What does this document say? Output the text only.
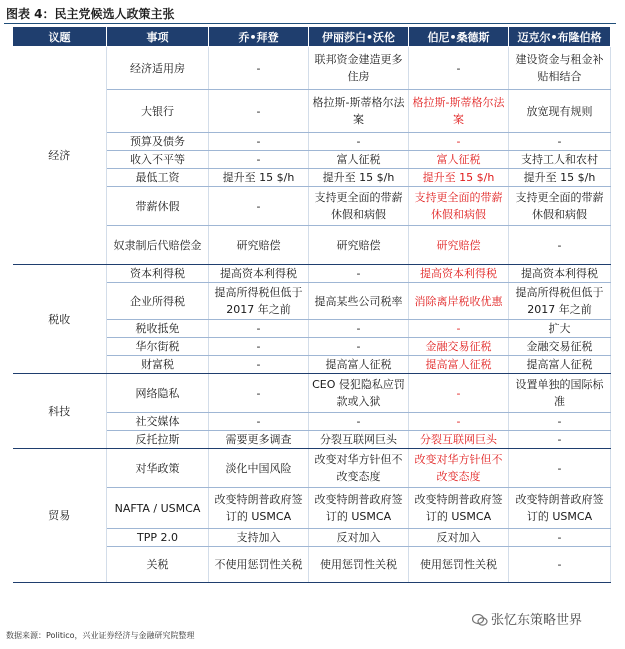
图表 4：民主党候选人政策主张
议题	事项	乔•拜登	伊丽莎白•沃伦	伯尼•桑德斯	迈克尔•布隆伯格
经济	经济适用房	-	联邦资金建造更多住房	-	建设资金与租金补贴相结合
	大银行	-	格拉斯-斯蒂格尔法案	格拉斯-斯蒂格尔法案	放宽现有规则
	预算及债务	-	-	-	-
	收入不平等	-	富人征税	富人征税	支持工人和农村
	最低工资	提升至 15 $/h	提升至 15 $/h	提升至 15 $/h	提升至 15 $/h
	带薪休假	-	支持更全面的带薪休假和病假	支持更全面的带薪休假和病假	支持更全面的带薪休假和病假
	奴隶制后代赔偿金	研究赔偿	研究赔偿	研究赔偿	-
税收	资本利得税	提高资本利得税	-	提高资本利得税	提高资本利得税
	企业所得税	提高所得税但低于 2017 年之前	提高某些公司税率	消除离岸税收优惠	提高所得税但低于 2017 年之前
	税收抵免	-	-	-	扩大
	华尔街税	-	-	金融交易征税	金融交易征税
	财富税	-	提高富人征税	提高富人征税	提高富人征税
科技	网络隐私	-	CEO 侵犯隐私应罚款或入狱	-	设置单独的国际标准
	社交媒体	-	-	-	-
	反托拉斯	需要更多调查	分裂互联网巨头	分裂互联网巨头	-
贸易	对华政策	淡化中国风险	改变对华方针但不改变态度	改变对华方针但不改变态度	-
	NAFTA / USMCA	改变特朗普政府签订的 USMCA	改变特朗普政府签订的 USMCA	改变特朗普政府签订的 USMCA	改变特朗普政府签订的 USMCA
	TPP 2.0	支持加入	反对加入	反对加入	-
	关税	不使用惩罚性关税	使用惩罚性关税	使用惩罚性关税	-
数据来源：Politico，兴业证券经济与金融研究院整理
张忆东策略世界
